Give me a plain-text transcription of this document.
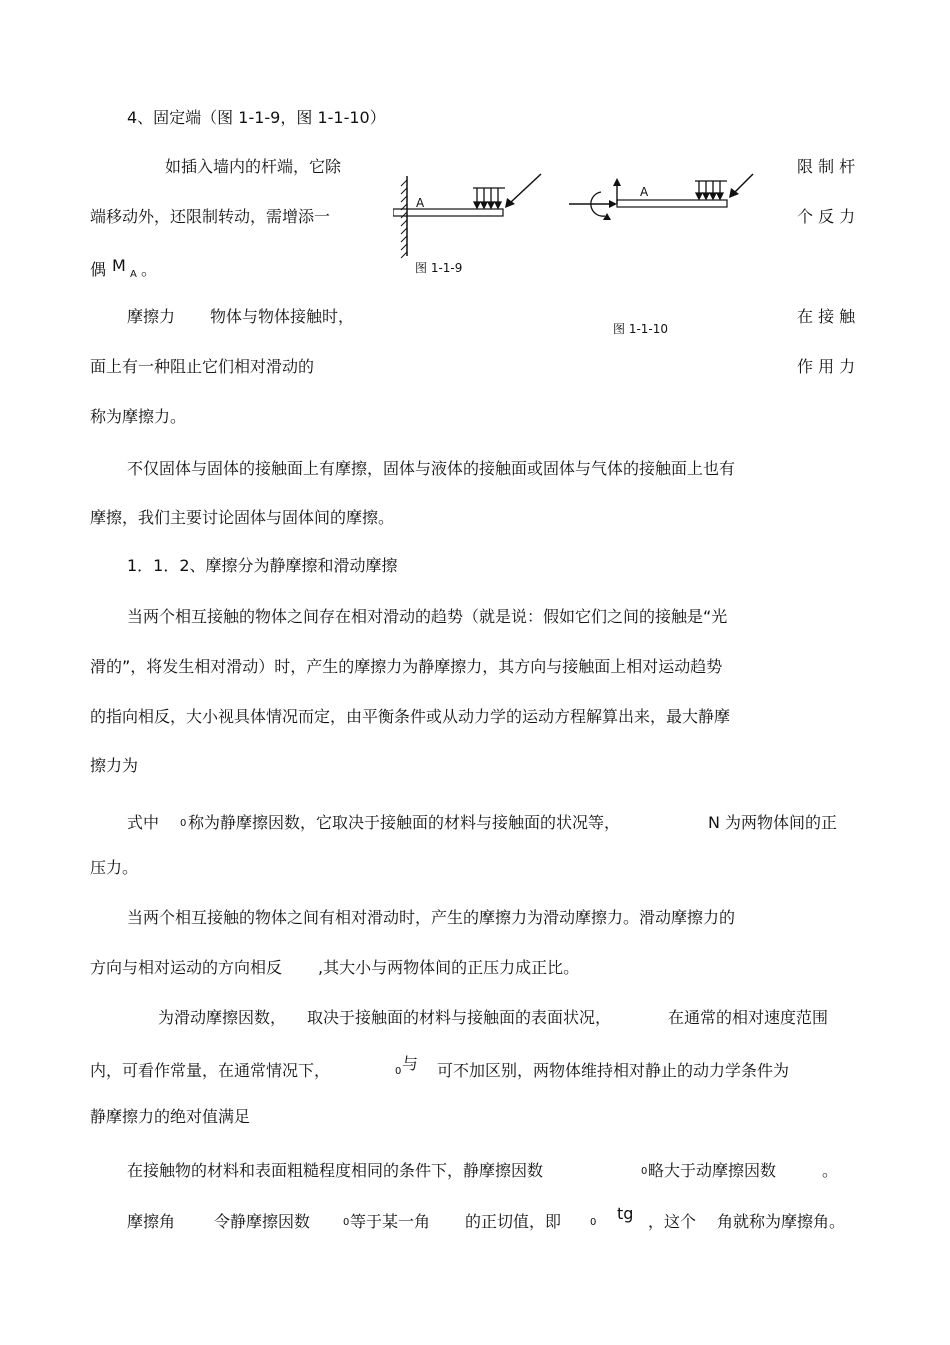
4、固定端（图 1-1-9，图 1-1-10）
如插入墙内的杆端，它除	限 制 杆
端移动外，还限制转动，需增添一	个 反 力
偶 M A 。
A
图 1-1-9
A
图 1-1-10
摩擦力 物体与物体接触时，	在 接 触
面上有一种阻止它们相对滑动的	作 用 力
称为摩擦力。
不仅固体与固体的接触面上有摩擦，固体与液体的接触面或固体与气体的接触面上也有
摩擦，我们主要讨论固体与固体间的摩擦。
1．1．2、摩擦分为静摩擦和滑动摩擦
当两个相互接触的物体之间存在相对滑动的趋势（就是说：假如它们之间的接触是“光
滑的”，将发生相对滑动）时，产生的摩擦力为静摩擦力，其方向与接触面上相对运动趋势
的指向相反，大小视具体情况而定，由平衡条件或从动力学的运动方程解算出来，最大静摩
擦力为
式中 0 称为静摩擦因数，它取决于接触面的材料与接触面的状况等，	N 为两物体间的正
压力。
当两个相互接触的物体之间有相对滑动时，产生的摩擦力为滑动摩擦力。滑动摩擦力的
方向与相对运动的方向相反 ,其大小与两物体间的正压力成正比。
为滑动摩擦因数， 取决于接触面的材料与接触面的表面状况，	在通常的相对速度范围
内，可看作常量，在通常情况下，	0 与 可不加区别，两物体维持相对静止的动力学条件为
静摩擦力的绝对值满足
在接触物的材料和表面粗糙程度相同的条件下，静摩擦因数	0 略大于动摩擦因数	。
摩擦角 令静摩擦因数	0 等于某一角 的正切值，即	0 tg ，这个 角就称为摩擦角。
